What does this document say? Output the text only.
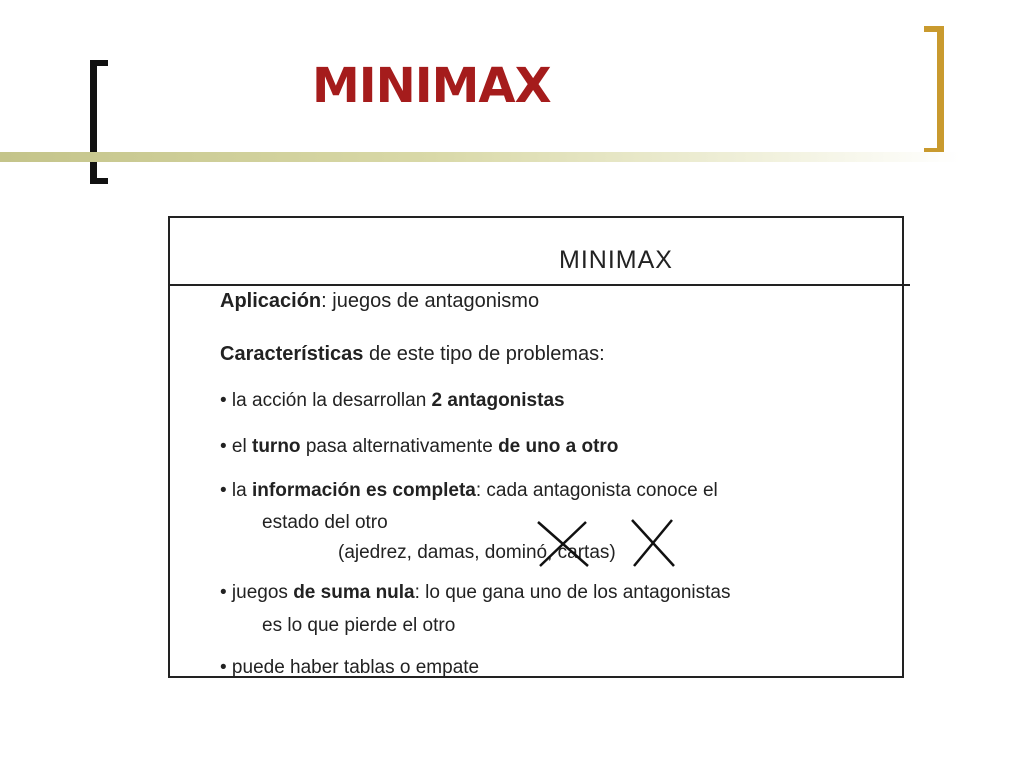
MINIMAX
MINIMAX
Aplicación: juegos de antagonismo
Características de este tipo de problemas:
• la acción la desarrollan 2 antagonistas
• el turno pasa alternativamente de uno a otro
• la información es completa: cada antagonista conoce el
estado del otro
(ajedrez, damas, dominó, cartas)
• juegos de suma nula: lo que gana uno de los antagonistas
es lo que pierde el otro
• puede haber tablas o empate
